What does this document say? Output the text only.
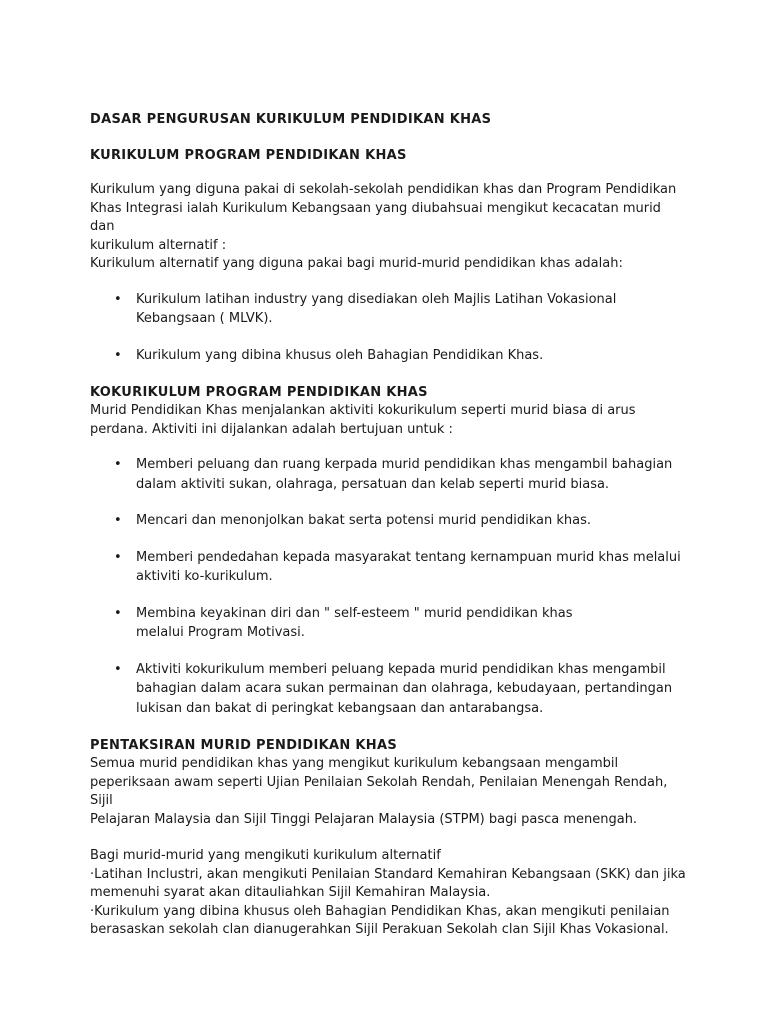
DASAR PENGURUSAN KURIKULUM PENDIDIKAN KHAS
KURIKULUM PROGRAM PENDIDIKAN KHAS
Kurikulum yang diguna pakai di sekolah-sekolah pendidikan khas dan Program Pendidikan
Khas Integrasi ialah Kurikulum Kebangsaan yang diubahsuai mengikut kecacatan murid dan
kurikulum alternatif :
Kurikulum alternatif yang diguna pakai bagi murid-murid pendidikan khas adalah:
• Kurikulum latihan industry yang disediakan oleh Majlis Latihan Vokasional
Kebangsaan ( MLVK).
• Kurikulum yang dibina khusus oleh Bahagian Pendidikan Khas.
KOKURIKULUM PROGRAM PENDIDIKAN KHAS
Murid Pendidikan Khas menjalankan aktiviti kokurikulum seperti murid biasa di arus
perdana. Aktiviti ini dijalankan adalah bertujuan untuk :
• Memberi peluang dan ruang kerpada murid pendidikan khas mengambil bahagian
dalam aktiviti sukan, olahraga, persatuan dan kelab seperti murid biasa.
• Mencari dan menonjolkan bakat serta potensi murid pendidikan khas.
• Memberi pendedahan kepada masyarakat tentang kernampuan murid khas melalui
aktiviti ko-kurikulum.
• Membina keyakinan diri dan " self-esteem " murid pendidikan khas
melalui Program Motivasi.
• Aktiviti kokurikulum memberi peluang kepada murid pendidikan khas mengambil
bahagian dalam acara sukan permainan dan olahraga, kebudayaan, pertandingan
lukisan dan bakat di peringkat kebangsaan dan antarabangsa.
PENTAKSIRAN MURID PENDIDIKAN KHAS
Semua murid pendidikan khas yang mengikut kurikulum kebangsaan mengambil
peperiksaan awam seperti Ujian Penilaian Sekolah Rendah, Penilaian Menengah Rendah, Sijil
Pelajaran Malaysia dan Sijil Tinggi Pelajaran Malaysia (STPM) bagi pasca menengah.
Bagi murid-murid yang mengikuti kurikulum alternatif
·Latihan Inclustri, akan mengikuti Penilaian Standard Kemahiran Kebangsaan (SKK) dan jika
memenuhi syarat akan ditauliahkan Sijil Kemahiran Malaysia.
·Kurikulum yang dibina khusus oleh Bahagian Pendidikan Khas, akan mengikuti penilaian
berasaskan sekolah clan dianugerahkan Sijil Perakuan Sekolah clan Sijil Khas Vokasional.
